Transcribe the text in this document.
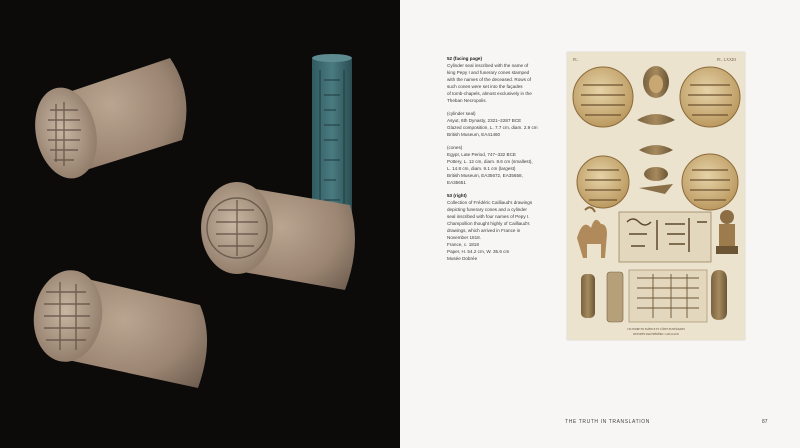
52 (facing page)
Cylinder seal inscribed with the name of
king Pepy I and funerary cones stamped
with the names of the deceased. Rows of
such cones were set into the façades
of tomb-chapels, almost exclusively in the
Theban Necropolis.
(cylinder seal)
Asyut, 6th Dynasty, 2321–2287 BCE
Glazed composition, L. 7.7 cm, diam. 2.9 cm
British Museum, EA41460
(cones)
Egypt, Late Period, 747–332 BCE
Pottery, L. 12 cm, diam. 8.6 cm (smallest),
L. 14.8 cm, diam. 9.1 cm (largest)
British Museum, EA35672, EA35658,
EA35651
53 (right)
Collection of Frédéric Cailliaud's drawings
depicting funerary cones and a cylinder
seal inscribed with four names of Pepy I.
Champollion thought highly of Cailliaud's
drawings, which arrived in France in
November 1818.
France, c. 1818
Paper, H. 54.2 cm, W. 35.6 cm
Musée Dobrée
PL.	PL. LXXIII
CYLINDRE EN FAÏENCE ET CÔNES FUNÉRAIRES
DESSINÉS PAR FRÉDÉRIC CAILLIAUD
THE TRUTH IN TRANSLATION	87
